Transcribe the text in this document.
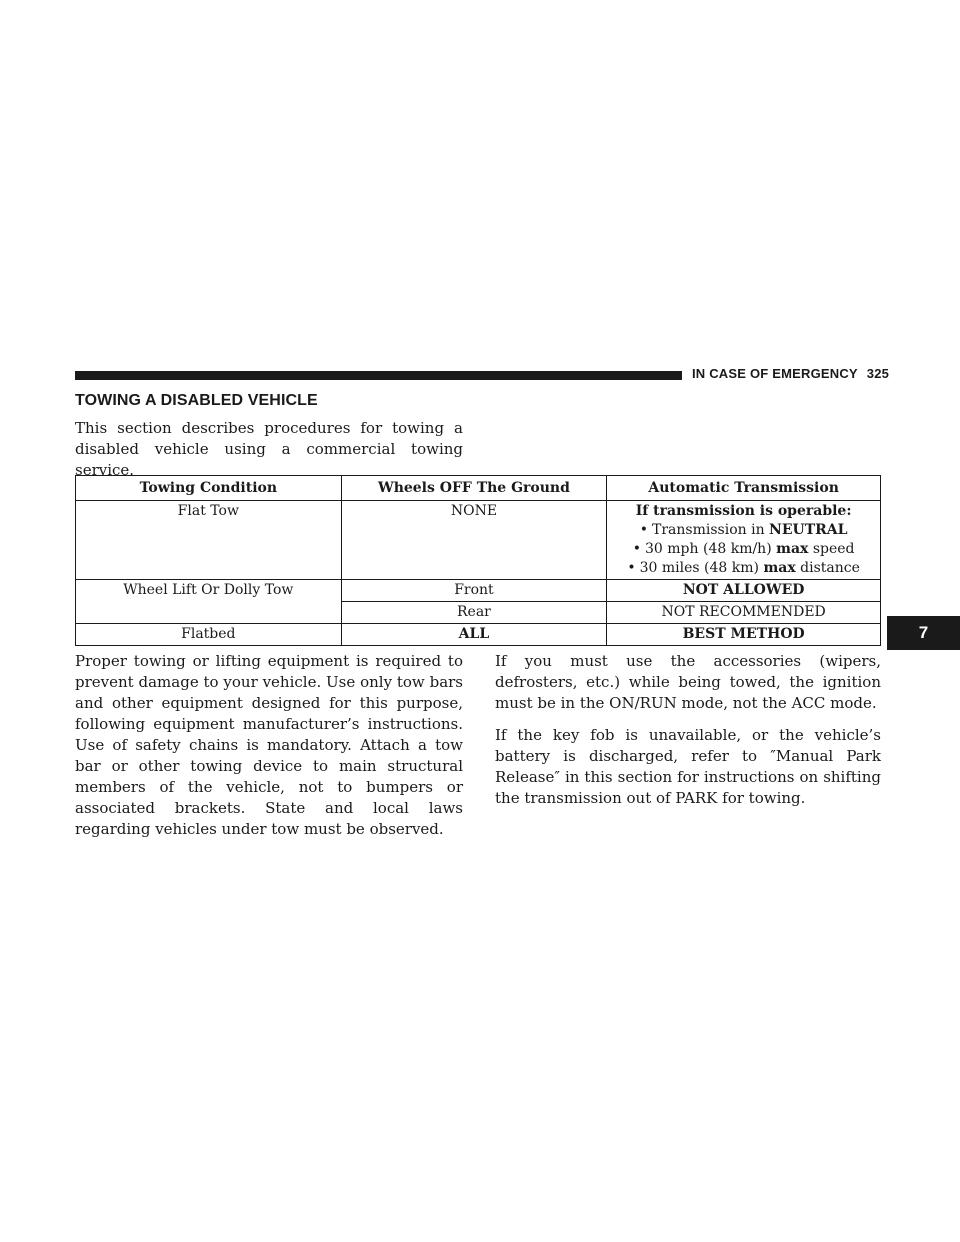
IN CASE OF EMERGENCY 325
7
TOWING A DISABLED VEHICLE

This section describes procedures for towing a disabled vehicle using a commercial towing service.

Towing Condition	Wheels OFF The Ground	Automatic Transmission
Flat Tow	NONE	If transmission is operable:
• Transmission in NEUTRAL
• 30 mph (48 km/h) max speed
• 30 miles (48 km) max distance

Wheel Lift Or Dolly Tow	Front	NOT ALLOWED
	Rear	NOT RECOMMENDED
Flatbed	ALL	BEST METHOD

Proper towing or lifting equipment is required to prevent damage to your vehicle. Use only tow bars and other equipment designed for this purpose, following equipment manufacturer’s instructions. Use of safety chains is mandatory. Attach a tow bar or other towing device to main structural members of the vehicle, not to bumpers or associated brackets. State and local laws regarding vehicles under tow must be observed.

If you must use the accessories (wipers, defrosters, etc.) while being towed, the ignition must be in the ON/RUN mode, not the ACC mode.

If the key fob is unavailable, or the vehicle’s battery is discharged, refer to ″Manual Park Release″ in this section for instructions on shifting the transmission out of PARK for towing.
